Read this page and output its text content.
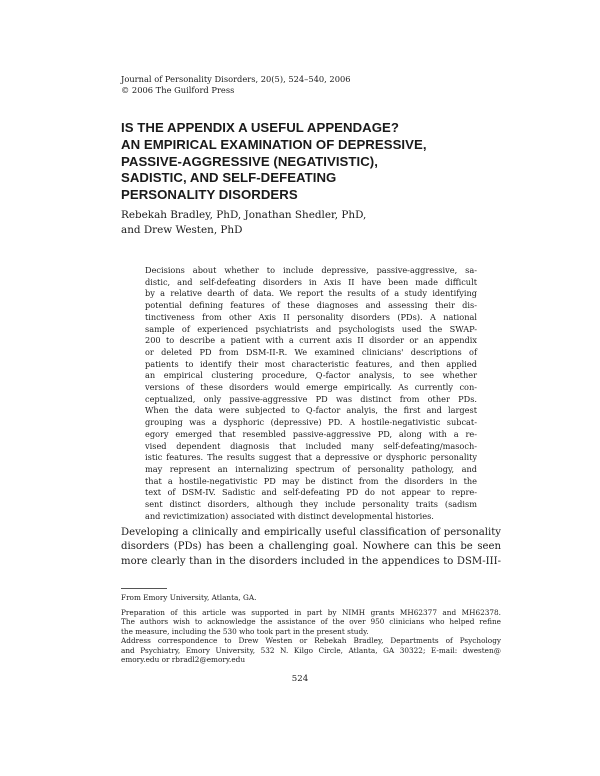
Journal of Personality Disorders, 20(5), 524–540, 2006
© 2006 The Guilford Press
IS THE APPENDIX A USEFUL APPENDAGE?
AN EMPIRICAL EXAMINATION OF DEPRESSIVE,
PASSIVE-AGGRESSIVE (NEGATIVISTIC),
SADISTIC, AND SELF-DEFEATING
PERSONALITY DISORDERS
Rebekah Bradley, PhD, Jonathan Shedler, PhD,
and Drew Westen, PhD
Decisions about whether to include depressive, passive-aggressive, sa-
distic, and self-defeating disorders in Axis II have been made difficult
by a relative dearth of data. We report the results of a study identifying
potential defining features of these diagnoses and assessing their dis-
tinctiveness from other Axis II personality disorders (PDs). A national
sample of experienced psychiatrists and psychologists used the SWAP-
200 to describe a patient with a current axis II disorder or an appendix
or deleted PD from DSM-II-R. We examined clinicians' descriptions of
patients to identify their most characteristic features, and then applied
an empirical clustering procedure, Q-factor analysis, to see whether
versions of these disorders would emerge empirically. As currently con-
ceptualized, only passive-aggressive PD was distinct from other PDs.
When the data were subjected to Q-factor analyis, the first and largest
grouping was a dysphoric (depressive) PD. A hostile-negativistic subcat-
egory emerged that resembled passive-aggressive PD, along with a re-
vised dependent diagnosis that included many self-defeating/masoch-
istic features. The results suggest that a depressive or dysphoric personality
may represent an internalizing spectrum of personality pathology, and
that a hostile-negativistic PD may be distinct from the disorders in the
text of DSM-IV. Sadistic and self-defeating PD do not appear to repre-
sent distinct disorders, although they include personality traits (sadism
and revictimization) associated with distinct developmental histories.
Developing a clinically and empirically useful classification of personality
disorders (PDs) has been a challenging goal. Nowhere can this be seen
more clearly than in the disorders included in the appendices to DSM-III-
From Emory University, Atlanta, GA.
Preparation of this article was supported in part by NIMH grants MH62377 and MH62378.
The authors wish to acknowledge the assistance of the over 950 clinicians who helped refine
the measure, including the 530 who took part in the present study.
Address correspondence to Drew Westen or Rebekah Bradley, Departments of Psychology
and Psychiatry, Emory University, 532 N. Kilgo Circle, Atlanta, GA 30322; E-mail: dwesten@
emory.edu or rbradl2@emory.edu
524
